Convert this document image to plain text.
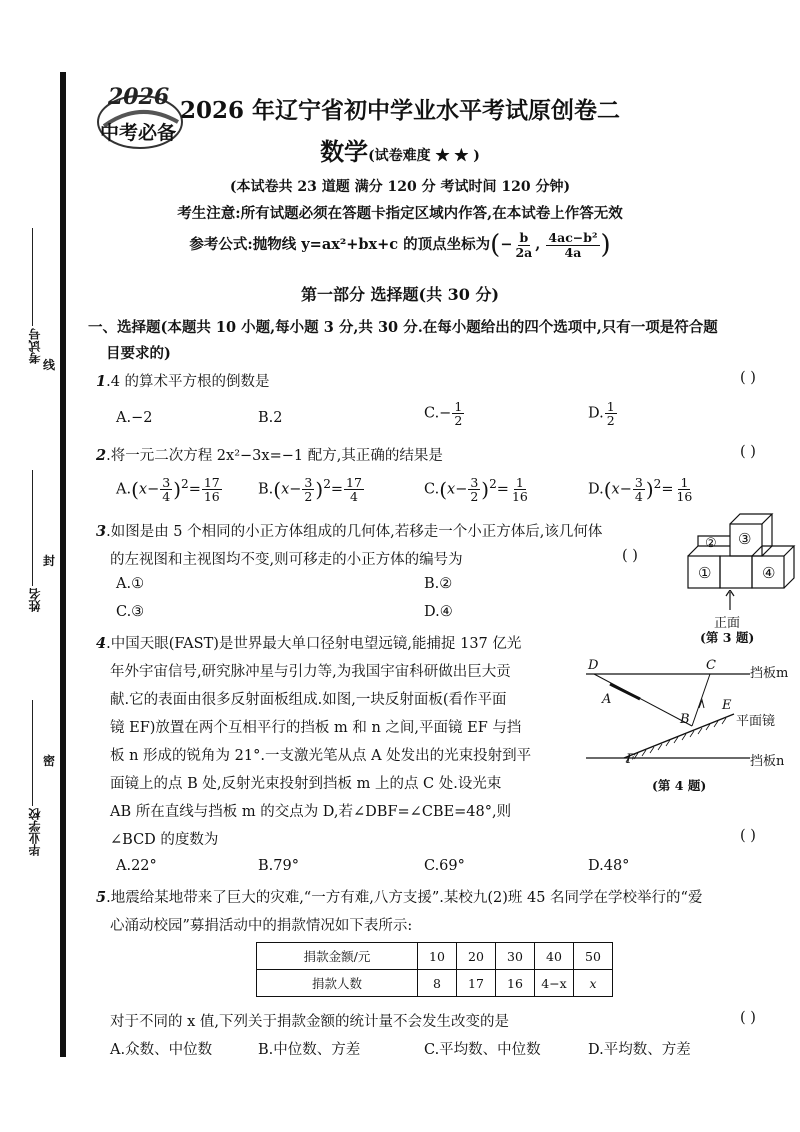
考试号
姓名
毕业学校
线
封
密
2026
中考必备
2026 年辽宁省初中学业水平考试原创卷二
数学(试卷难度 ★ ★ )
(本试卷共 23 道题 满分 120 分 考试时间 120 分钟)
考生注意:所有试题必须在答题卡指定区域内作答,在本试卷上作答无效
参考公式:抛物线 y=ax²+bx+c 的顶点坐标为(− $\frac{b}{2a}$ , $\frac{\text{4ac−b²}}{4a}$ )
第一部分 选择题(共 30 分)
一、选择题(本题共 10 小题,每小题 3 分,共 30 分.在每小题给出的四个选项中,只有一项是符合题
目要求的)
1.4 的算术平方根的倒数是	( )
A.−2	B.2	$C.- \frac{1}{2}$	D. $\frac{1}{2}$
2.将一元二次方程 2x²−3x=−1 配方,其正确的结果是	( )
$A.(x- \frac{3}{4} )^2= \frac{17}{16} B.(x- \frac{3}{2} )^2= \frac{17}{4}$	$C.(x- \frac{3}{2} )^2= \frac{1}{16}$	$D.(x- \frac{3}{4} )^2= \frac{1}{16}$
3.如图是由 5 个相同的小正方体组成的几何体,若移走一个小正方体后,该几何体
的左视图和主视图均不变,则可移走的小正方体的编号为	( )
A.①	B.②
C.③	D.④
①
② ③
④
正面
(第 3 题)
4.中国天眼(FAST)是世界最大单口径射电望远镜,能捕捉 137 亿光
年外宇宙信号,研究脉冲星与引力等,为我国宇宙科研做出巨大贡
献.它的表面由很多反射面板组成.如图,一块反射面板(看作平面
镜 EF)放置在两个互相平行的挡板 m 和 n 之间,平面镜 EF 与挡
板 n 形成的锐角为 21°.一支激光笔从点 A 处发出的光束投射到平
面镜上的点 B 处,反射光束投射到挡板 m 上的点 C 处.设光束
AB 所在直线与挡板 m 的交点为 D,若∠DBF=∠CBE=48°,则
∠BCD 的度数为	( )
A.22°	B.79°	C.69°	D.48°
D	C
A
B
E
F
挡板m
平面镜
挡板n
(第 4 题)
5.地震给某地带来了巨大的灾难,“一方有难,八方支援”.某校九(2)班 45 名同学在学校举行的“爱
心涌动校园”募捐活动中的捐款情况如下表所示:
捐款金额/元	10	20	30	40	50
捐款人数	8	17	16	4−x	x
对于不同的 x 值,下列关于捐款金额的统计量不会发生改变的是	( )
A.众数、中位数	B.中位数、方差	C.平均数、中位数	D.平均数、方差
